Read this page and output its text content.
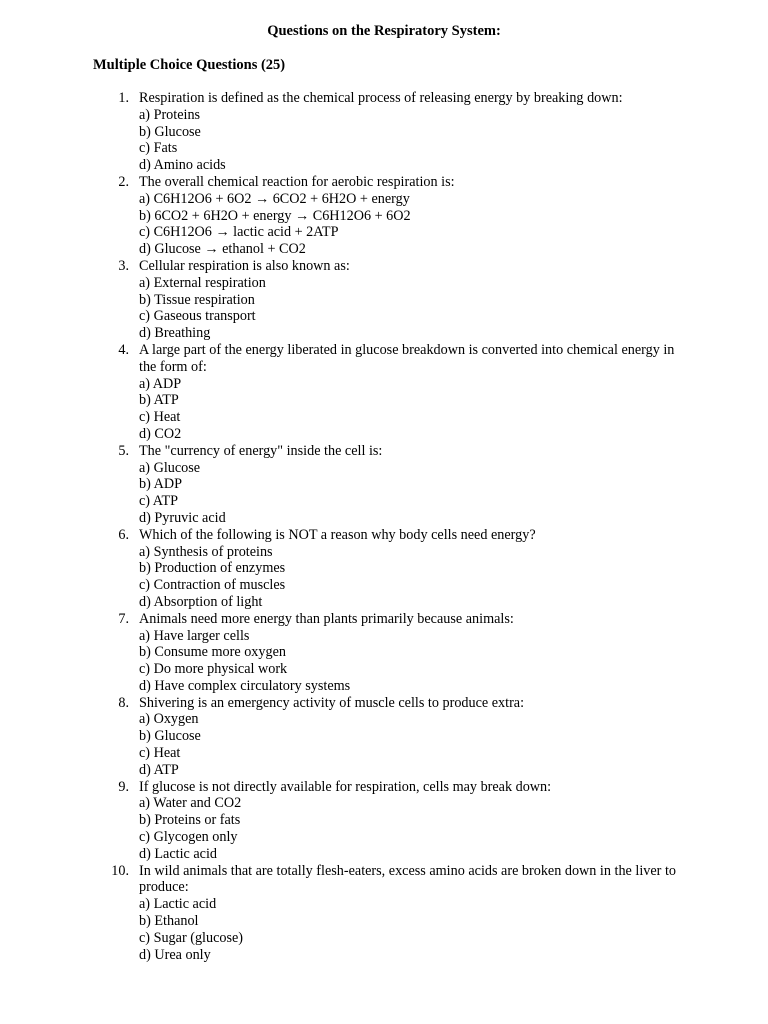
Questions on the Respiratory System:
Multiple Choice Questions (25)
1. Respiration is defined as the chemical process of releasing energy by breaking down:
a) Proteins
b) Glucose
c) Fats
d) Amino acids
2. The overall chemical reaction for aerobic respiration is:
a) C6H12O6 + 6O2 → 6CO2 + 6H2O + energy
b) 6CO2 + 6H2O + energy → C6H12O6 + 6O2
c) C6H12O6 → lactic acid + 2ATP
d) Glucose → ethanol + CO2
3. Cellular respiration is also known as:
a) External respiration
b) Tissue respiration
c) Gaseous transport
d) Breathing
4. A large part of the energy liberated in glucose breakdown is converted into chemical energy in the form of:
a) ADP
b) ATP
c) Heat
d) CO2
5. The "currency of energy" inside the cell is:
a) Glucose
b) ADP
c) ATP
d) Pyruvic acid
6. Which of the following is NOT a reason why body cells need energy?
a) Synthesis of proteins
b) Production of enzymes
c) Contraction of muscles
d) Absorption of light
7. Animals need more energy than plants primarily because animals:
a) Have larger cells
b) Consume more oxygen
c) Do more physical work
d) Have complex circulatory systems
8. Shivering is an emergency activity of muscle cells to produce extra:
a) Oxygen
b) Glucose
c) Heat
d) ATP
9. If glucose is not directly available for respiration, cells may break down:
a) Water and CO2
b) Proteins or fats
c) Glycogen only
d) Lactic acid
10. In wild animals that are totally flesh-eaters, excess amino acids are broken down in the liver to produce:
a) Lactic acid
b) Ethanol
c) Sugar (glucose)
d) Urea only
